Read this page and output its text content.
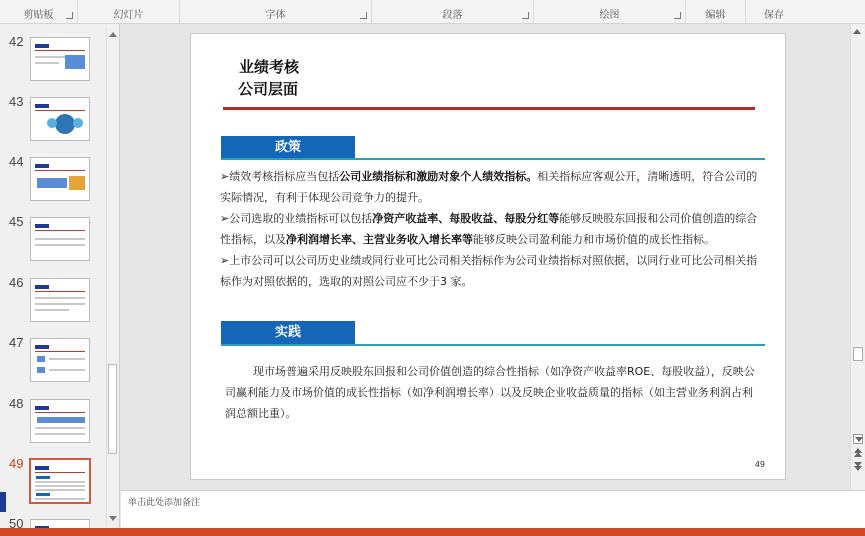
剪贴板	幻灯片	字体	段落	绘图	编辑	保存
42
43
44
45
46
47
48
49
50
业绩考核
公司层面
政策
➢绩效考核指标应当包括公司业绩指标和激励对象个人绩效指标。相关指标应客观公开，清晰透明，符合公司的实际情况，有利于体现公司竞争力的提升。
➢公司选取的业绩指标可以包括净资产收益率、每股收益、每股分红等能够反映股东回报和公司价值创造的综合性指标，以及净利润增长率、主营业务收入增长率等能够反映公司盈利能力和市场价值的成长性指标。
➢上市公司可以公司历史业绩或同行业可比公司相关指标作为公司业绩指标对照依据，以同行业可比公司相关指标作为对照依据的，选取的对照公司应不少于3 家。
实践
现市场普遍采用反映股东回报和公司价值创造的综合性指标（如净资产收益率ROE、每股收益），反映公司赢利能力及市场价值的成长性指标（如净利润增长率）以及反映企业收益质量的指标（如主营业务利润占利润总额比重）。
49
单击此处添加备注
